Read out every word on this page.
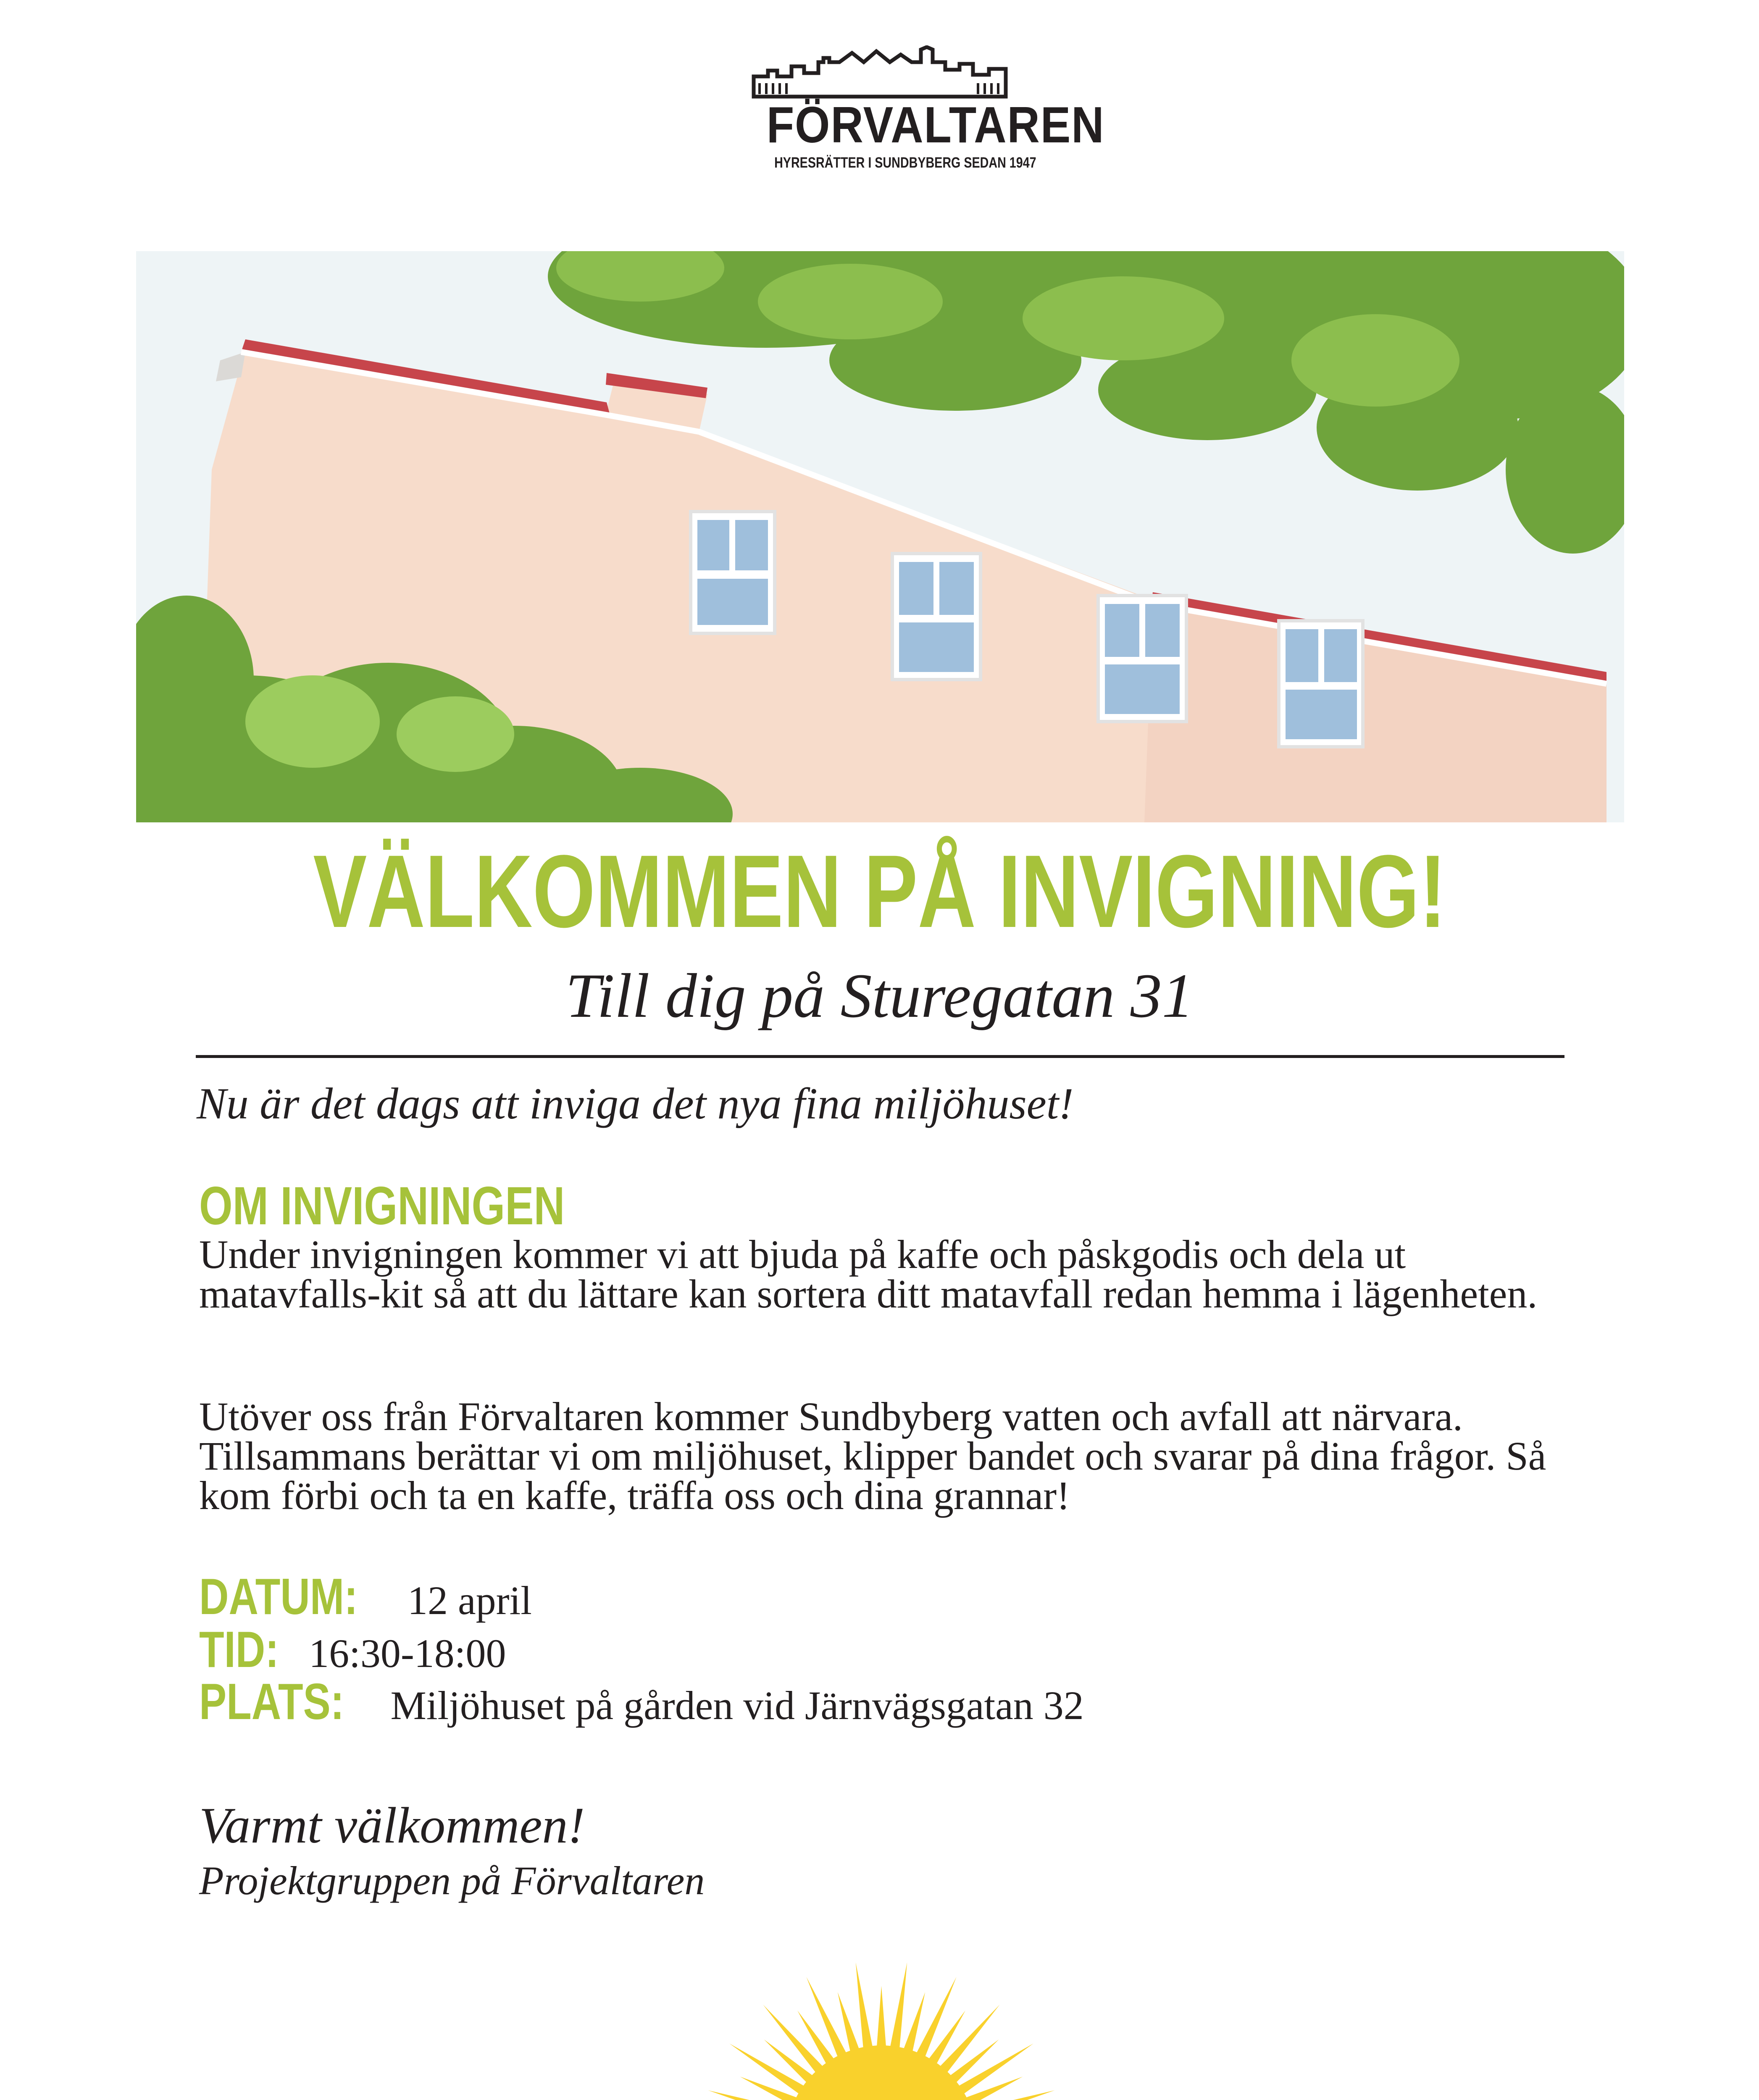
FÖRVALTAREN
HYRESRÄTTER I SUNDBYBERG SEDAN 1947
VÄLKOMMEN PÅ INVIGNING!
Till dig på Sturegatan 31
Nu är det dags att inviga det nya fina miljöhuset!
OM INVIGNINGEN
Under invigningen kommer vi att bjuda på kaffe och påskgodis och dela ut matavfalls-kit så att du lättare kan sortera ditt matavfall redan hemma i lägenheten.
Utöver oss från Förvaltaren kommer Sundbyberg vatten och avfall att närvara. Tillsammans berättar vi om miljöhuset, klipper bandet och svarar på dina frågor. Så kom förbi och ta en kaffe, träffa oss och dina grannar!
DATUM: 12 april
TID: 16:30-18:00
PLATS: Miljöhuset på gården vid Järnvägsgatan 32
Varmt välkommen!
Projektgruppen på Förvaltaren
